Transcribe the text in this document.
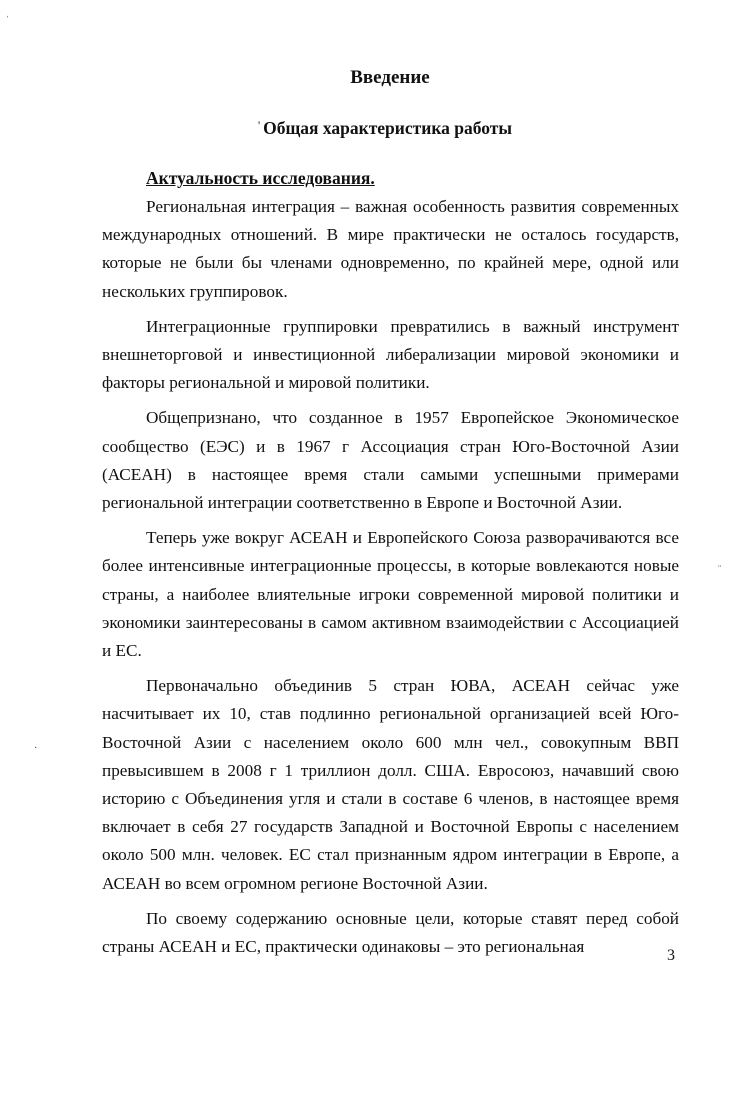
Введение
' Общая характеристика работы
Актуальность исследования.

Региональная интеграция – важная особенность развития современных международных отношений. В мире практически не осталось государств, которые не были бы членами одновременно, по крайней мере, одной или нескольких группировок.

Интеграционные группировки превратились в важный инструмент внешнеторговой и инвестиционной либерализации мировой экономики и факторы региональной и мировой политики.

Общепризнано, что созданное в 1957 Европейское Экономическое сообщество (ЕЭС) и в 1967 г Ассоциация стран Юго-Восточной Азии (АСЕАН) в настоящее время стали самыми успешными примерами региональной интеграции соответственно в Европе и Восточной Азии.

Теперь уже вокруг АСЕАН и Европейского Союза разворачиваются все более интенсивные интеграционные процессы, в которые вовлекаются новые страны, а наиболее влиятельные игроки современной мировой политики и экономики заинтересованы в самом активном взаимодействии с Ассоциацией и ЕС.

Первоначально объединив 5 стран ЮВА, АСЕАН сейчас уже насчитывает их 10, став подлинно региональной организацией всей Юго-Восточной Азии с населением около 600 млн чел., совокупным ВВП превысившем в 2008 г 1 триллион долл. США. Евросоюз, начавший свою историю с Объединения угля и стали в составе 6 членов, в настоящее время включает в себя 27 государств Западной и Восточной Европы с населением около 500 млн. человек. ЕС стал признанным ядром интеграции в Европе, а АСЕАН во всем огромном регионе Восточной Азии.

По своему содержанию основные цели, которые ставят перед собой страны АСЕАН и ЕС, практически одинаковы – это региональная	3
ˌ
·
¨
